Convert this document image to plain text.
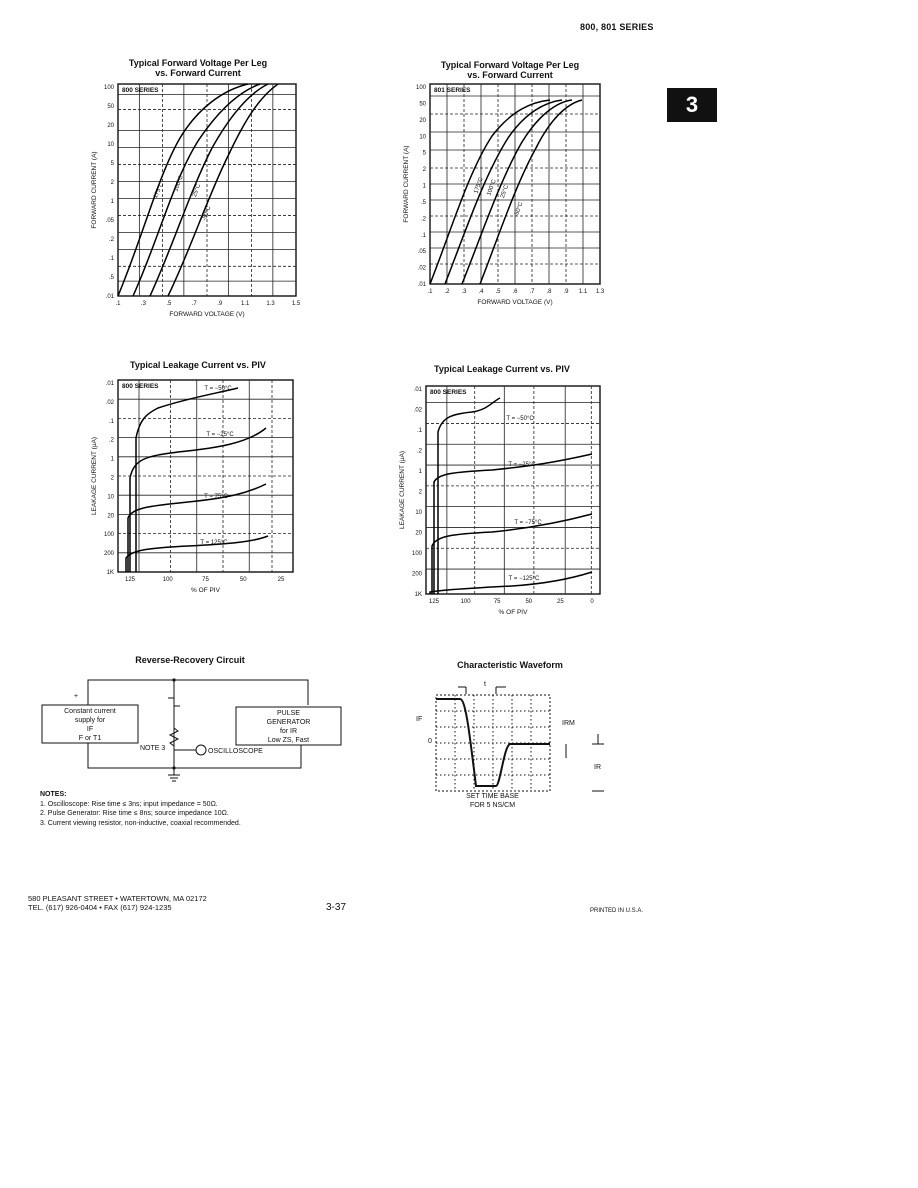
800, 801 SERIES
3
Typical Forward Voltage Per Leg
vs. Forward Current
800 SERIES
.1	.3	.5	.7	.9	1.1	1.3	1.5
100
50
20
10
5
2
1
.05
.2
.1
.5
.01
FORWARD VOLTAGE (V)
FORWARD CURRENT (A)	175°C 100°C 25°C
-50°C
Typical Forward Voltage Per Leg
vs. Forward Current
801 SERIES
.1 .2 .3 .4 .5 .6 .7 .8 .9 1.1 1.3
100
50
20
10
5
2
1
.5
.2
.1
.05
.02
.01
FORWARD VOLTAGE (V)
FORWARD CURRENT (A)	175°C 100°C 25°C
-50°C
Typical Leakage Current vs. PIV
800 SERIES
125	100	75	50	25
.01
.02
.1
.2
1
2
10
20
100
200
1K
% OF PIV
LEAKAGE CURRENT (µA)
T = −50°C
T = −25°C
T = 75°C
T = 125°C
Typical Leakage Current vs. PIV
800 SERIES
125	100	75	50	25	0
.01
.02
.1
.2
1
2
10
20
100
200
1K
% OF PIV
LEAKAGE CURRENT (µA)
T = −50°C
T = −25°C
T = −75°C
T = −125°C
Reverse-Recovery Circuit
+
Constant current
supply for
IF
F or T1
PULSE
GENERATOR
for IR
Low ZS, Fast
NOTE 3	OSCILLOSCOPE
NOTES:
1. Oscilloscope: Rise time ≤ 3ns; input impedance = 50Ω.
2. Pulse Generator: Rise time ≤ 8ns; source impedance 10Ω.
3. Current viewing resistor, non-inductive, coaxial recommended.
Characteristic Waveform
t
IF
0
IRM
IR
SET TIME BASE
FOR 5 NS/CM
580 PLEASANT STREET • WATERTOWN, MA 02172
TEL. (617) 926-0404 • FAX (617) 924-1235	3-37	PRINTED IN U.S.A.
